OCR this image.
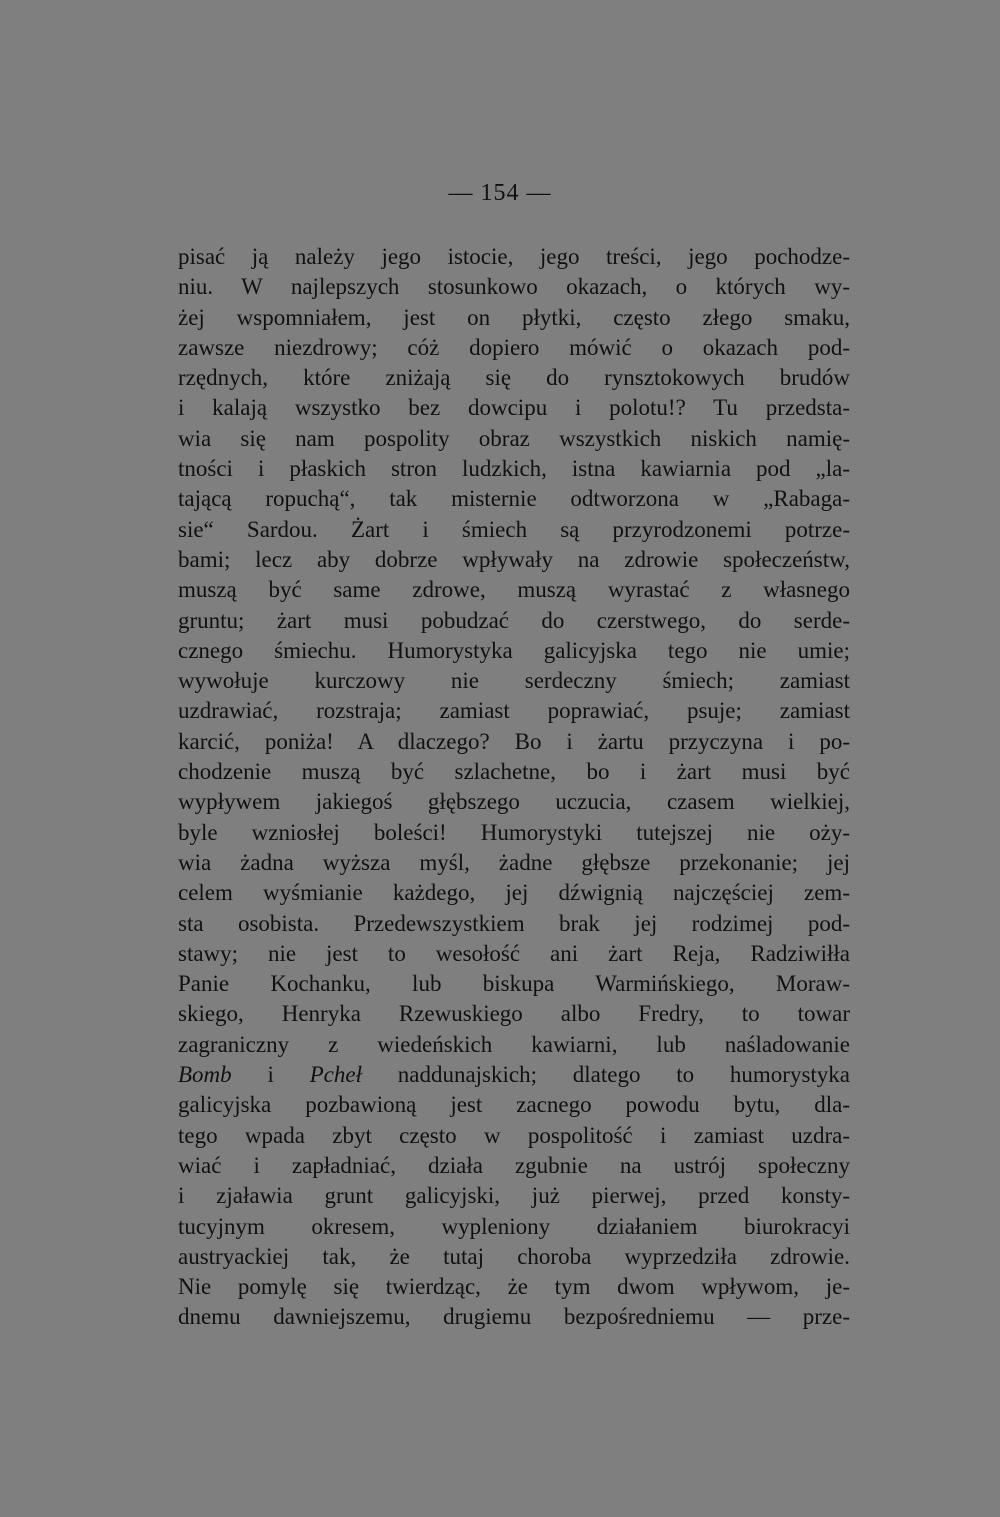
— 154 —
pisać ją należy jego istocie, jego treści, jego pochodze-
niu. W najlepszych stosunkowo okazach, o których wy-
żej wspomniałem, jest on płytki, często złego smaku,
zawsze niezdrowy; cóż dopiero mówić o okazach pod-
rzędnych, które zniżają się do rynsztokowych brudów
i kalają wszystko bez dowcipu i polotu!? Tu przedsta-
wia się nam pospolity obraz wszystkich niskich namię-
tności i płaskich stron ludzkich, istna kawiarnia pod „la-
tającą ropuchą“, tak misternie odtworzona w „Rabaga-
sie“ Sardou. Żart i śmiech są przyrodzonemi potrze-
bami; lecz aby dobrze wpływały na zdrowie społeczeństw,
muszą być same zdrowe, muszą wyrastać z własnego
gruntu; żart musi pobudzać do czerstwego, do serde-
cznego śmiechu. Humorystyka galicyjska tego nie umie;
wywołuje kurczowy nie serdeczny śmiech; zamiast
uzdrawiać, rozstraja; zamiast poprawiać, psuje; zamiast
karcić, poniża! A dlaczego? Bo i żartu przyczyna i po-
chodzenie muszą być szlachetne, bo i żart musi być
wypływem jakiegoś głębszego uczucia, czasem wielkiej,
byle wzniosłej boleści! Humorystyki tutejszej nie oży-
wia żadna wyższa myśl, żadne głębsze przekonanie; jej
celem wyśmianie każdego, jej dźwignią najczęściej zem-
sta osobista. Przedewszystkiem brak jej rodzimej pod-
stawy; nie jest to wesołość ani żart Reja, Radziwiłła
Panie Kochanku, lub biskupa Warmińskiego, Moraw-
skiego, Henryka Rzewuskiego albo Fredry, to towar
zagraniczny z wiedeńskich kawiarni, lub naśladowanie
Bomb i Pcheł naddunajskich; dlatego to humorystyka
galicyjska pozbawioną jest zacnego powodu bytu, dla-
tego wpada zbyt często w pospolitość i zamiast uzdra-
wiać i zapładniać, działa zgubnie na ustrój społeczny
i zjaławia grunt galicyjski, już pierwej, przed konsty-
tucyjnym okresem, wypleniony działaniem biurokracyi
austryackiej tak, że tutaj choroba wyprzedziła zdrowie.
Nie pomylę się twierdząc, że tym dwom wpływom, je-
dnemu dawniejszemu, drugiemu bezpośredniemu — prze-
